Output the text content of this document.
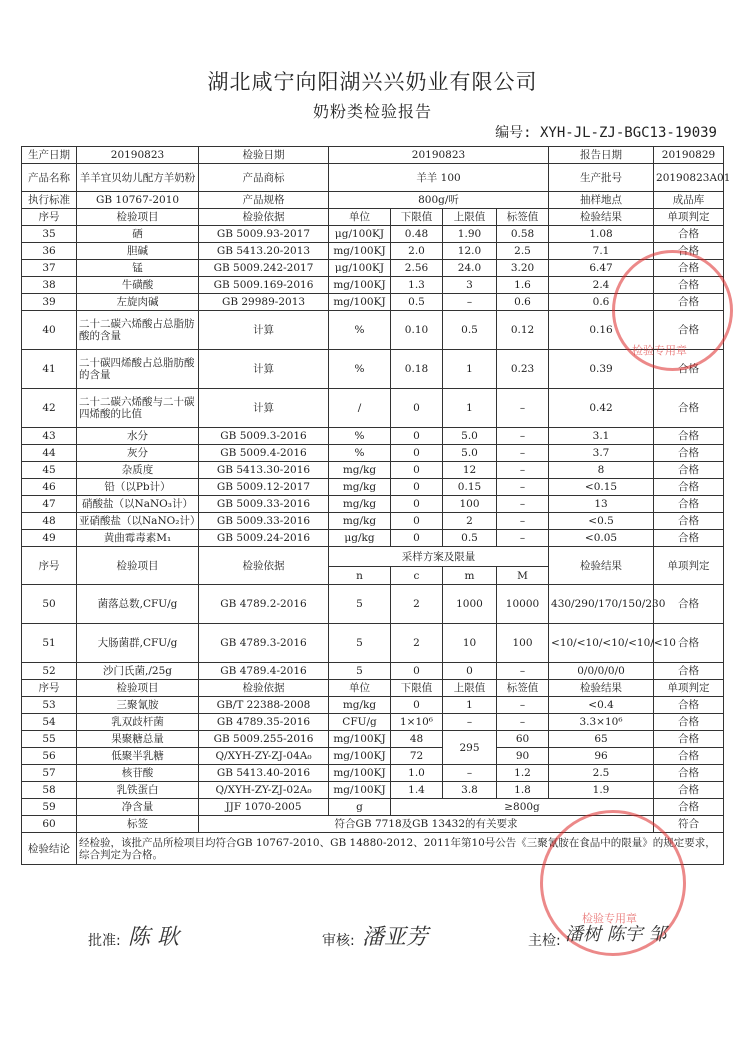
湖北咸宁向阳湖兴兴奶业有限公司
奶粉类检验报告
编号: XYH-JL-ZJ-BGC13-19039
生产日期	20190823	检验日期	20190823				报告日期	20190829
产品名称	羊羊宜贝幼儿配方羊奶粉	产品商标	羊羊 100				生产批号	20190823A01
执行标准	GB 10767-2010	产品规格	800g/听				抽样地点	成品库
序号	检验项目	检验依据	单位	下限值	上限值	标签值	检验结果	单项判定
35	硒	GB 5009.93-2017	μg/100KJ	0.48	1.90	0.58	1.08	合格
36	胆碱	GB 5413.20-2013	mg/100KJ	2.0	12.0	2.5	7.1	合格
37	锰	GB 5009.242-2017	μg/100KJ	2.56	24.0	3.20	6.47	合格
38	牛磺酸	GB 5009.169-2016	mg/100KJ	1.3	3	1.6	2.4	合格
39	左旋肉碱	GB 29989-2013	mg/100KJ	0.5	–	0.6	0.6	合格
40	二十二碳六烯酸占总脂肪酸的含量	计算	%	0.10	0.5	0.12	0.16	合格
41	二十碳四烯酸占总脂肪酸的含量	计算	%	0.18	1	0.23	0.39	合格
42	二十二碳六烯酸与二十碳四烯酸的比值	计算	/	0	1	–	0.42	合格
43	水分	GB 5009.3-2016	%	0	5.0	–	3.1	合格
44	灰分	GB 5009.4-2016	%	0	5.0	–	3.7	合格
45	杂质度	GB 5413.30-2016	mg/kg	0	12	–	8	合格
46	铅（以Pb计）	GB 5009.12-2017	mg/kg	0	0.15	–	<0.15	合格
47	硝酸盐（以NaNO₃计）	GB 5009.33-2016	mg/kg	0	100	–	13	合格
48	亚硝酸盐（以NaNO₂计）	GB 5009.33-2016	mg/kg	0	2	–	<0.5	合格
49	黄曲霉毒素M₁	GB 5009.24-2016	μg/kg	0	0.5	–	<0.05	合格
序号	检验项目	检验依据	采样方案及限量				检验结果	单项判定
			n	c	m	M		
50	菌落总数,CFU/g	GB 4789.2-2016	5	2	1000	10000	430/290/170/150/230	合格
51	大肠菌群,CFU/g	GB 4789.3-2016	5	2	10	100	<10/<10/<10/<10/<10	合格
52	沙门氏菌,/25g	GB 4789.4-2016	5	0	0	–	0/0/0/0/0	合格
序号	检验项目	检验依据	单位	下限值	上限值	标签值	检验结果	单项判定
53	三聚氰胺	GB/T 22388-2008	mg/kg	0	1	–	<0.4	合格
54	乳双歧杆菌	GB 4789.35-2016	CFU/g	1×10⁶	–	–	3.3×10⁶	合格
55	果聚糖总量	GB 5009.255-2016	mg/100KJ	48	295	60	65	合格
56	低聚半乳糖	Q/XYH-ZY-ZJ-04A₀	mg/100KJ	72		90	96	合格
57	核苷酸	GB 5413.40-2016	mg/100KJ	1.0	–	1.2	2.5	合格
58	乳铁蛋白	Q/XYH-ZY-ZJ-02A₀	mg/100KJ	1.4	3.8	1.8	1.9	合格
59	净含量	JJF 1070-2005	g	≥800g				合格
60	标签	符合GB 7718及GB 13432的有关要求						符合
检验结论	经检验，该批产品所检项目均符合GB 10767-2010、GB 14880-2012、2011年第10号公告《三聚氰胺在食品中的限量》的规定要求，综合判定为合格。							
检验专用章
检验专用章
批准: 陈 耿	审核: 潘亚芳	主检: 潘树 陈宇 邹
